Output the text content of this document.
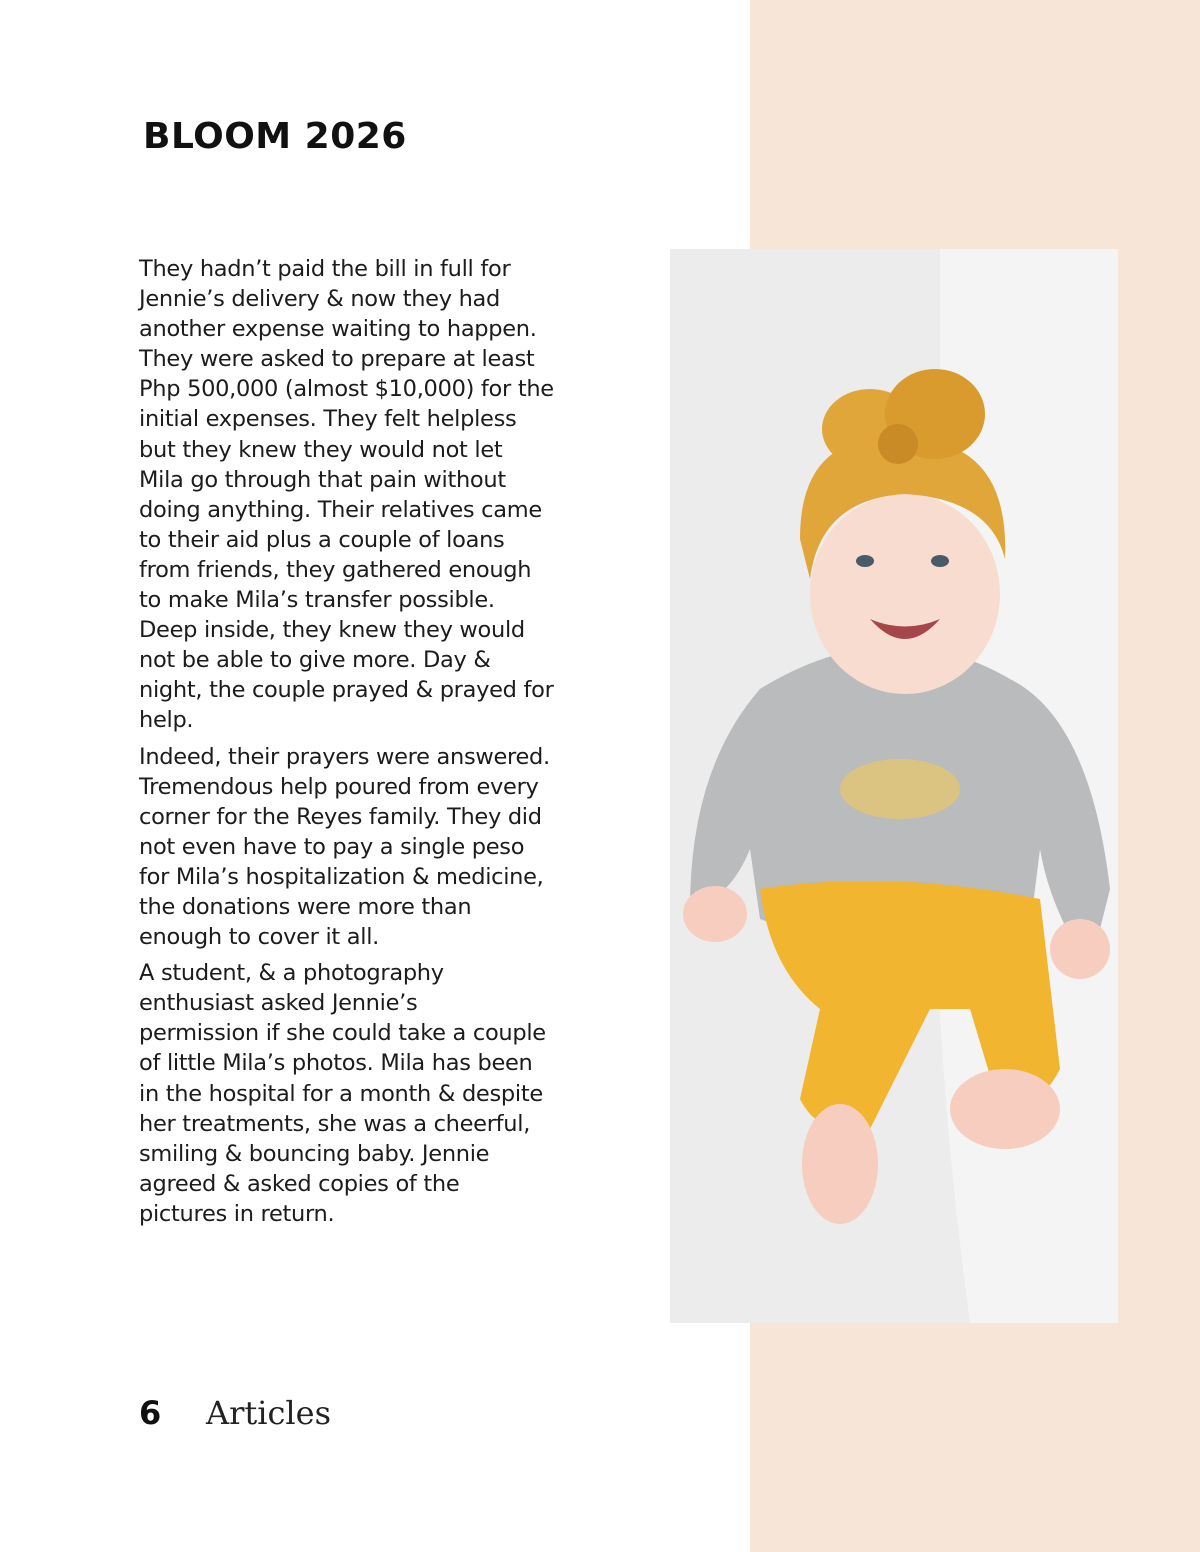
BLOOM 2026
They hadn’t paid the bill in full for
Jennie’s delivery & now they had
another expense waiting to happen.
They were asked to prepare at least
Php 500,000 (almost $10,000) for the
initial expenses. They felt helpless
but they knew they would not let
Mila go through that pain without
doing anything. Their relatives came
to their aid plus a couple of loans
from friends, they gathered enough
to make Mila’s transfer possible.
Deep inside, they knew they would
not be able to give more. Day &
night, the couple prayed & prayed for
help.
Indeed, their prayers were answered.
Tremendous help poured from every
corner for the Reyes family. They did
not even have to pay a single peso
for Mila’s hospitalization & medicine,
the donations were more than
enough to cover it all.
A student, & a photography
enthusiast asked Jennie’s
permission if she could take a couple
of little Mila’s photos. Mila has been
in the hospital for a month & despite
her treatments, she was a cheerful,
smiling & bouncing baby. Jennie
agreed & asked copies of the
pictures in return.
6 Articles
